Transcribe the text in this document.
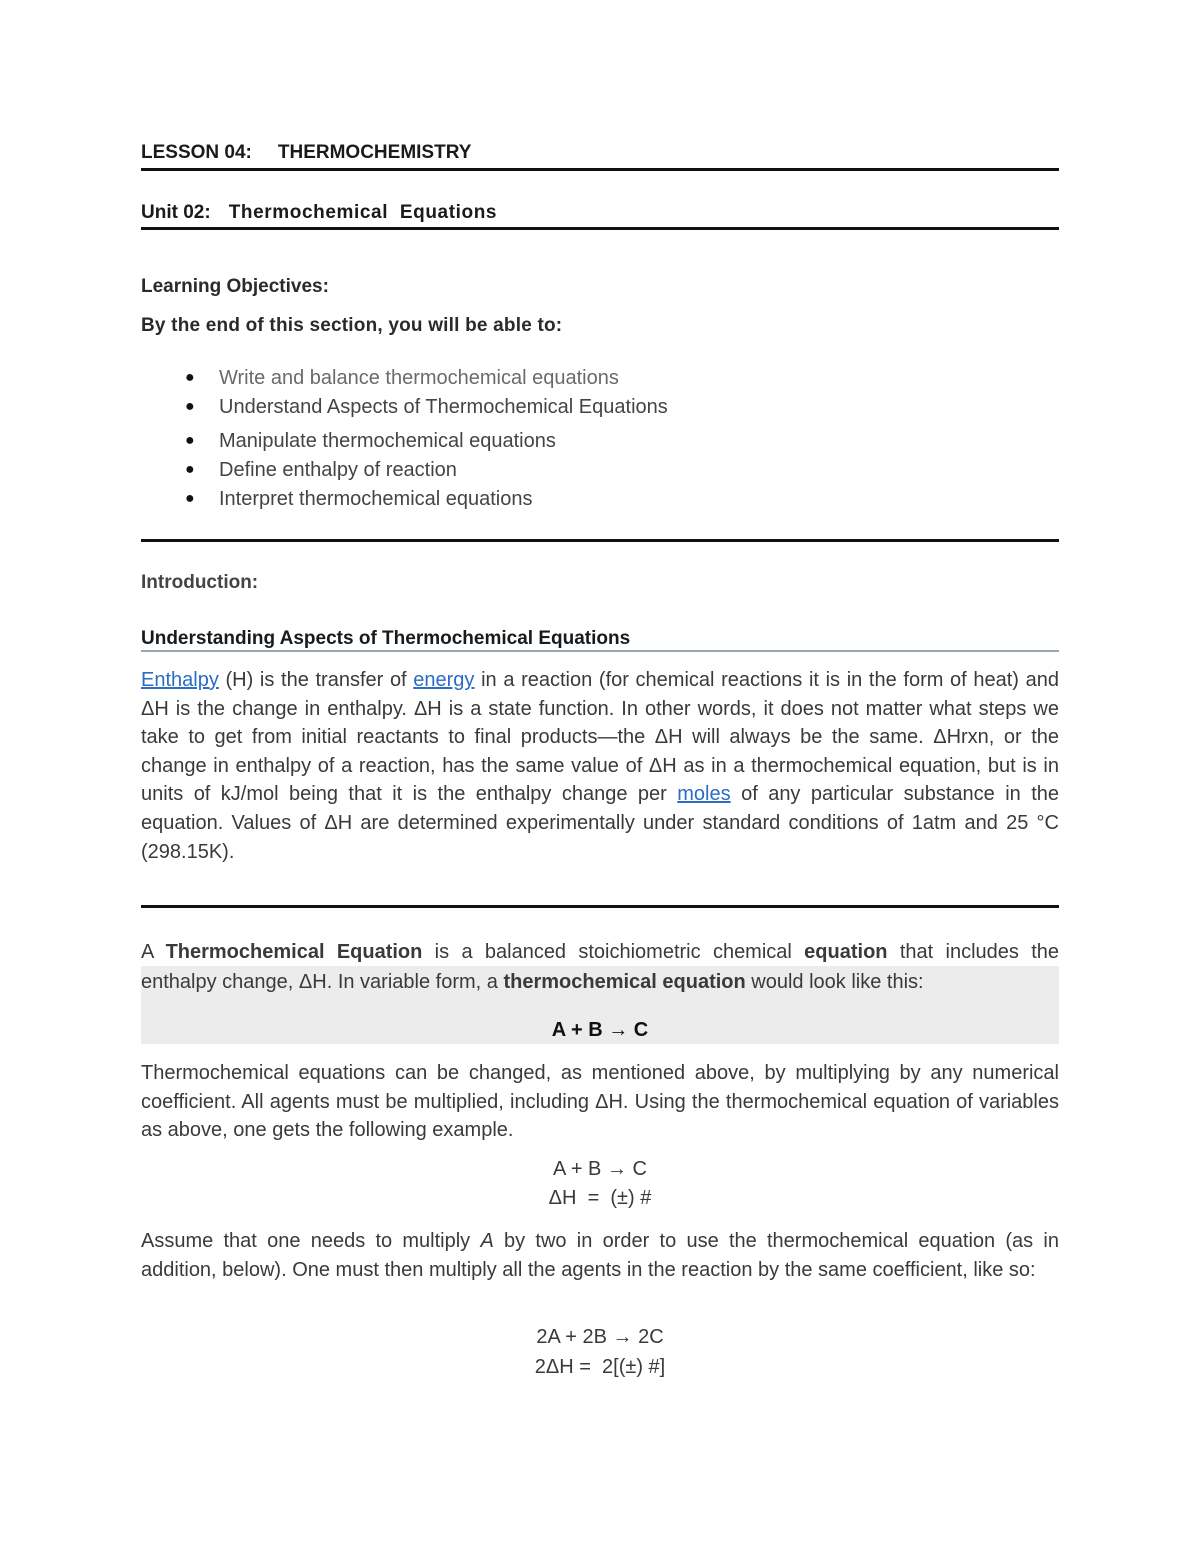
LESSON 04: THERMOCHEMISTRY
Unit 02: Thermochemical  Equations
Learning Objectives:
By the end of this section, you will be able to:
● Write and balance thermochemical equations
● Understand Aspects of Thermochemical Equations
● Manipulate thermochemical equations
● Define enthalpy of reaction
● Interpret thermochemical equations
Introduction:
Understanding Aspects of Thermochemical Equations
Enthalpy (H) is the transfer of energy in a reaction (for chemical reactions it is in the form of heat) and ΔH is the change in enthalpy. ΔH is a state function. In other words, it does not matter what steps we take to get from initial reactants to final products—the ΔH will always be the same. ΔHrxn, or the change in enthalpy of a reaction, has the same value of ΔH as in a thermochemical equation, but is in units of kJ/mol being that it is the enthalpy change per moles of any particular substance in the equation. Values of ΔH are determined experimentally under standard conditions of 1atm and 25 °C (298.15K).
A Thermochemical Equation is a balanced stoichiometric chemical equation that includes the enthalpy change, ΔH. In variable form, a thermochemical equation would look like this:
A + B → C
Thermochemical equations can be changed, as mentioned above, by multiplying by any numerical coefficient. All agents must be multiplied, including ΔH. Using the thermochemical equation of variables as above, one gets the following example.
A + B → C
ΔH  =  (±) #
Assume that one needs to multiply A by two in order to use the thermochemical equation (as in addition, below). One must then multiply all the agents in the reaction by the same coefficient, like so:
2A + 2B → 2C
2ΔH =  2[(±) #]
